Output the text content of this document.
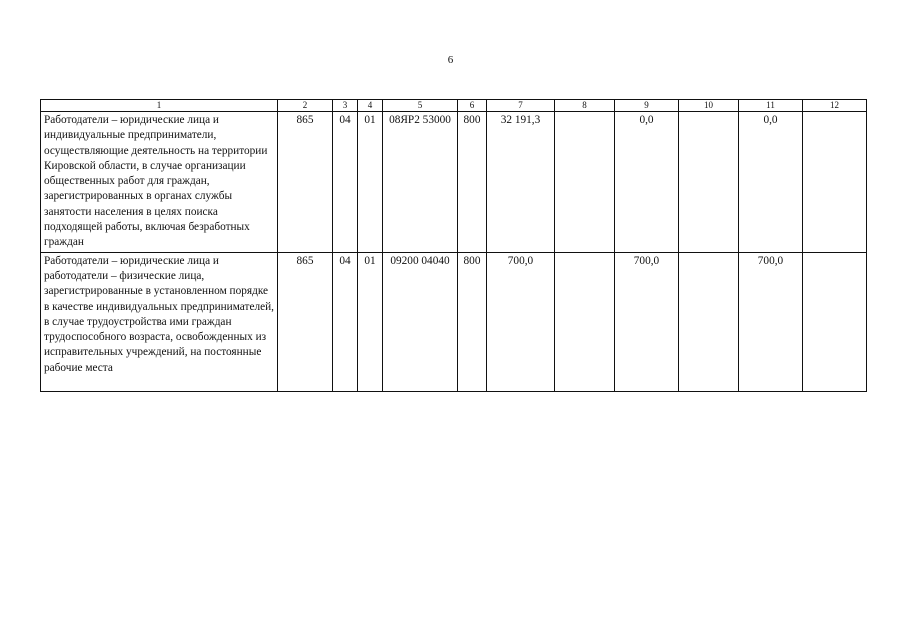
6
1	2	3	4	5	6	7	8	9	10	11	12
Работодатели – юридические лица и индивидуальные предприниматели, осуществляющие деятельность на территории Кировской области, в случае организации общественных работ для граждан, зарегистрированных в органах службы занятости населения в целях поиска подходящей работы, включая безработных граждан	865	04	01	08ЯР2 53000	800	32 191,3		0,0		0,0	
Работодатели – юридические лица и работодатели – физические лица, зарегистрированные в установленном порядке в качестве индивидуальных предпринимателей, в случае трудоустройства ими граждан трудоспособного возраста, освобожденных из исправительных учреждений, на постоянные рабочие места	865	04	01	09200 04040	800	700,0		700,0		700,0	
